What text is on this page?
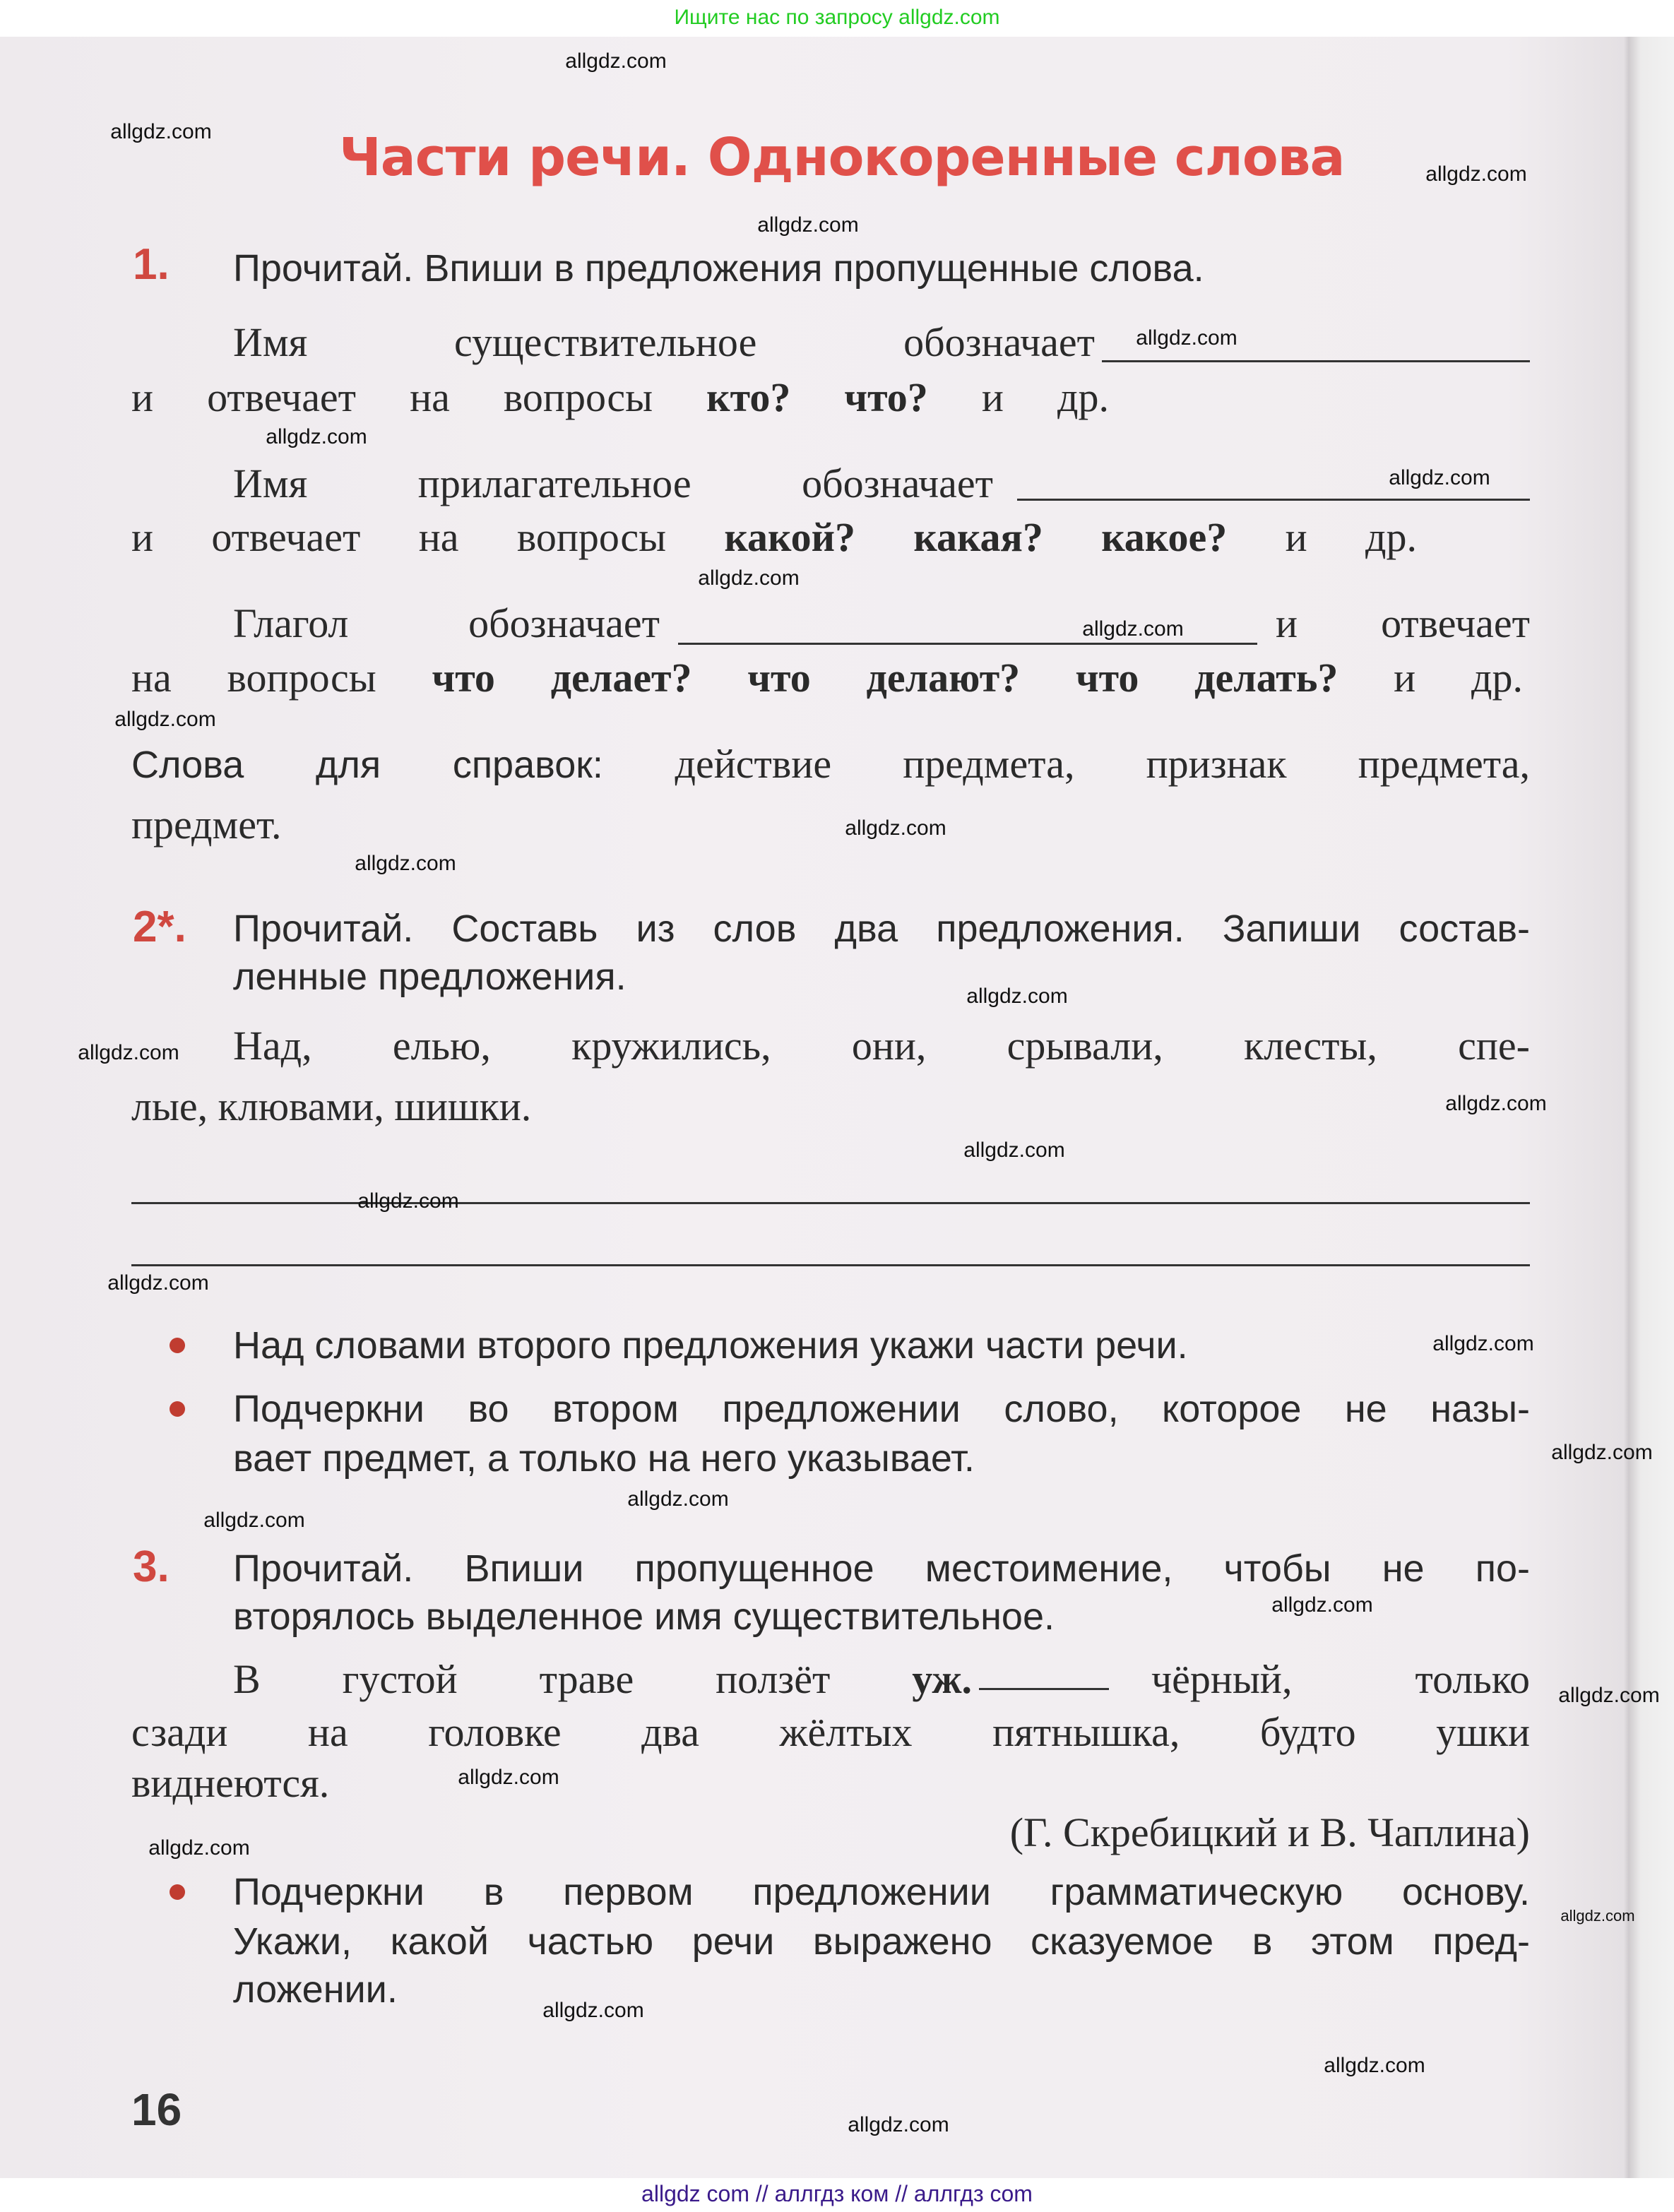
Ищите нас по запросу allgdz.com
Части речи. Однокоренные слова
1. Прочитай. Впиши в предложения пропущенные слова.
Имя существительное обозначает
и отвечает на вопросы кто? что? и др.
Имя прилагательное обозначает
и отвечает на вопросы какой? какая? какое? и др.
Глагол обозначает	и отвечает
на вопросы что делает? что делают? что делать? и др.
Слова для справок: действие предмета, признак предмета,
предмет.
2*. Прочитай. Составь из слов два предложения. Запиши состав-
ленные предложения.
Над, елью, кружились, они, срывали, клесты, спе-
лые, клювами, шишки.
Над словами второго предложения укажи части речи.
Подчеркни во втором предложении слово, которое не назы-
вает предмет, а только на него указывает.
3. Прочитай. Впиши пропущенное местоимение, чтобы не по-
вторялось выделенное имя существительное.
В густой траве ползёт уж.	чёрный, только
сзади на головке два жёлтых пятнышка, будто ушки
виднеются.
(Г. Скребицкий и В. Чаплина)
Подчеркни в первом предложении грамматическую основу.
Укажи, какой частью речи выражено сказуемое в этом пред-
ложении.
16
allgdz.com
allgdz.com
allgdz.com
allgdz.com
allgdz.com
allgdz.com
allgdz.com
allgdz.com
allgdz.com
allgdz.com
allgdz.com
allgdz.com
allgdz.com
allgdz.com
allgdz.com
allgdz.com
allgdz.com
allgdz.com
allgdz.com
allgdz.com
allgdz.com
allgdz.com
allgdz.com
allgdz.com
allgdz.com
allgdz.com
allgdz.com
allgdz.com
allgdz.com
allgdz.com
allgdz com // аллгдз ком // аллгдз com
